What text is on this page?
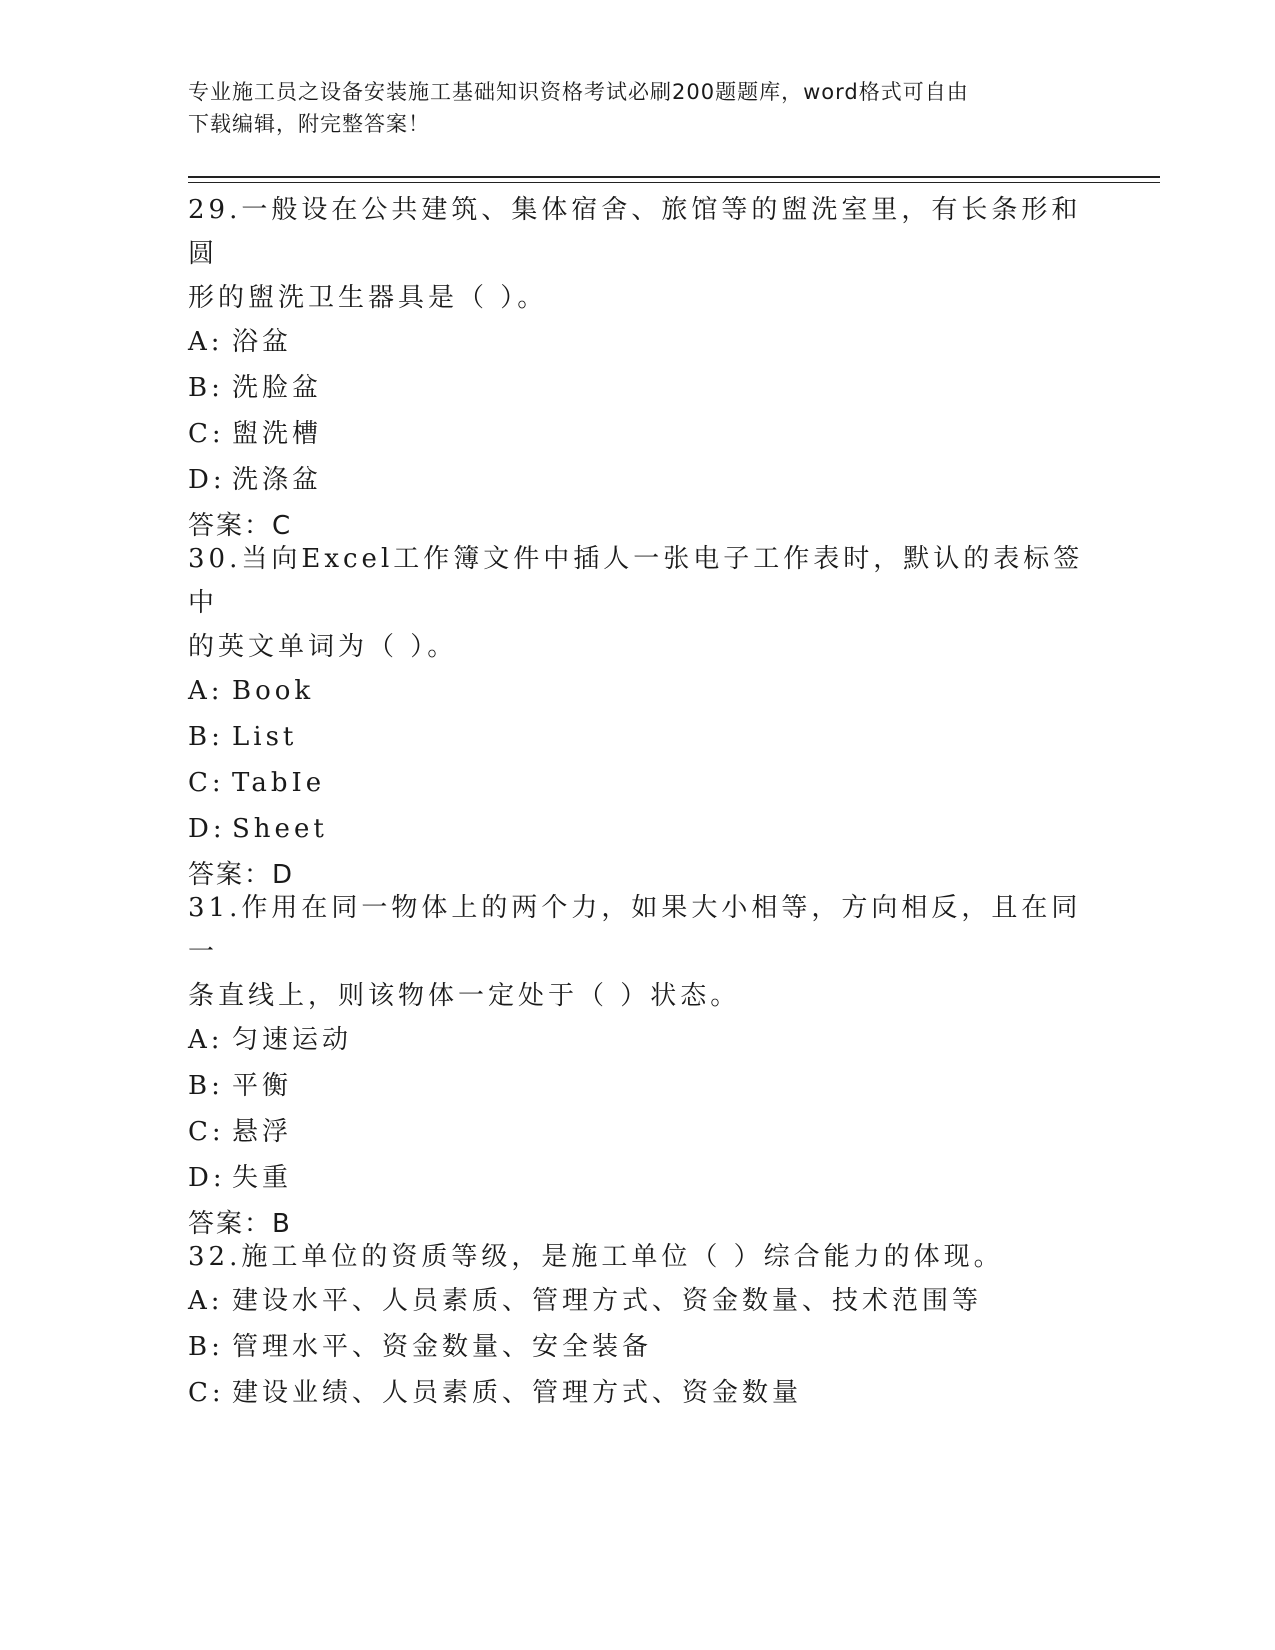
专业施工员之设备安装施工基础知识资格考试必刷200题题库，word格式可自由
下载编辑，附完整答案！

29.一般设在公共建筑、集体宿舍、旅馆等的盥洗室里，有长条形和圆

形的盥洗卫生器具是（ ）。

A: 浴盆

B: 洗脸盆

C: 盥洗槽

D: 洗涤盆

答案：C

30.当向Excel工作簿文件中插人一张电子工作表时，默认的表标签中

的英文单词为（ ）。

A: Book

B: List

C: TabIe

D: Sheet

答案：D

31.作用在同一物体上的两个力，如果大小相等，方向相反，且在同一

条直线上，则该物体一定处于（ ）状态。

A: 匀速运动

B: 平衡

C: 悬浮

D: 失重

答案：B

32.施工单位的资质等级，是施工单位（ ）综合能力的体现。

A: 建设水平、人员素质、管理方式、资金数量、技术范围等

B: 管理水平、资金数量、安全装备

C: 建设业绩、人员素质、管理方式、资金数量
